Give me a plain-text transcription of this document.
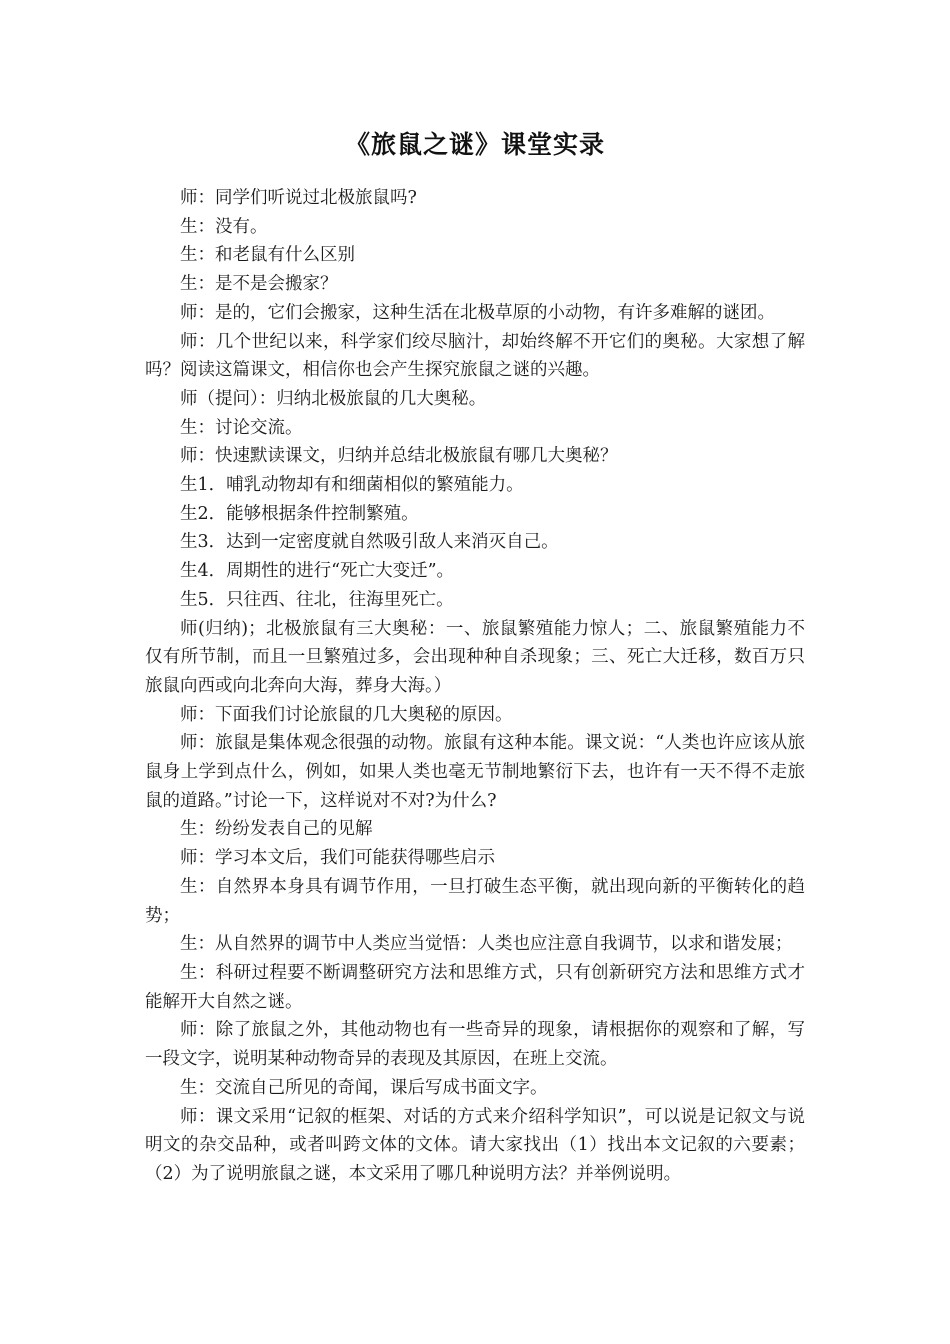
《旅鼠之谜》课堂实录

师：同学们听说过北极旅鼠吗?

生：没有。

生：和老鼠有什么区别

生：是不是会搬家？

师：是的，它们会搬家，这种生活在北极草原的小动物，有许多难解的谜团。

师：几个世纪以来，科学家们绞尽脑汁，却始终解不开它们的奥秘。大家想了解吗？阅读这篇课文，相信你也会产生探究旅鼠之谜的兴趣。

师（提问）：归纳北极旅鼠的几大奥秘。

生：讨论交流。

师：快速默读课文，归纳并总结北极旅鼠有哪几大奥秘？

生1．哺乳动物却有和细菌相似的繁殖能力。

生2．能够根据条件控制繁殖。

生3．达到一定密度就自然吸引敌人来消灭自己。

生4．周期性的进行“死亡大变迁”。

生5．只往西、往北，往海里死亡。

师(归纳)；北极旅鼠有三大奥秘：一、旅鼠繁殖能力惊人；二、旅鼠繁殖能力不仅有所节制，而且一旦繁殖过多，会出现种种自杀现象；三、死亡大迁移，数百万只旅鼠向西或向北奔向大海，葬身大海。）

师：下面我们讨论旅鼠的几大奥秘的原因。

师：旅鼠是集体观念很强的动物。旅鼠有这种本能。课文说：“人类也许应该从旅鼠身上学到点什么，例如，如果人类也毫无节制地繁衍下去，也许有一天不得不走旅鼠的道路。”讨论一下，这样说对不对?为什么?

生：纷纷发表自己的见解

师：学习本文后，我们可能获得哪些启示

生：自然界本身具有调节作用，一旦打破生态平衡，就出现向新的平衡转化的趋势；

生：从自然界的调节中人类应当觉悟：人类也应注意自我调节，以求和谐发展；

生：科研过程要不断调整研究方法和思维方式，只有创新研究方法和思维方式才能解开大自然之谜。

师：除了旅鼠之外，其他动物也有一些奇异的现象，请根据你的观察和了解，写一段文字，说明某种动物奇异的表现及其原因，在班上交流。

生：交流自己所见的奇闻，课后写成书面文字。

师：课文采用“记叙的框架、对话的方式来介绍科学知识”，可以说是记叙文与说明文的杂交品种，或者叫跨文体的文体。请大家找出（1）找出本文记叙的六要素；（2）为了说明旅鼠之谜，本文采用了哪几种说明方法？并举例说明。
